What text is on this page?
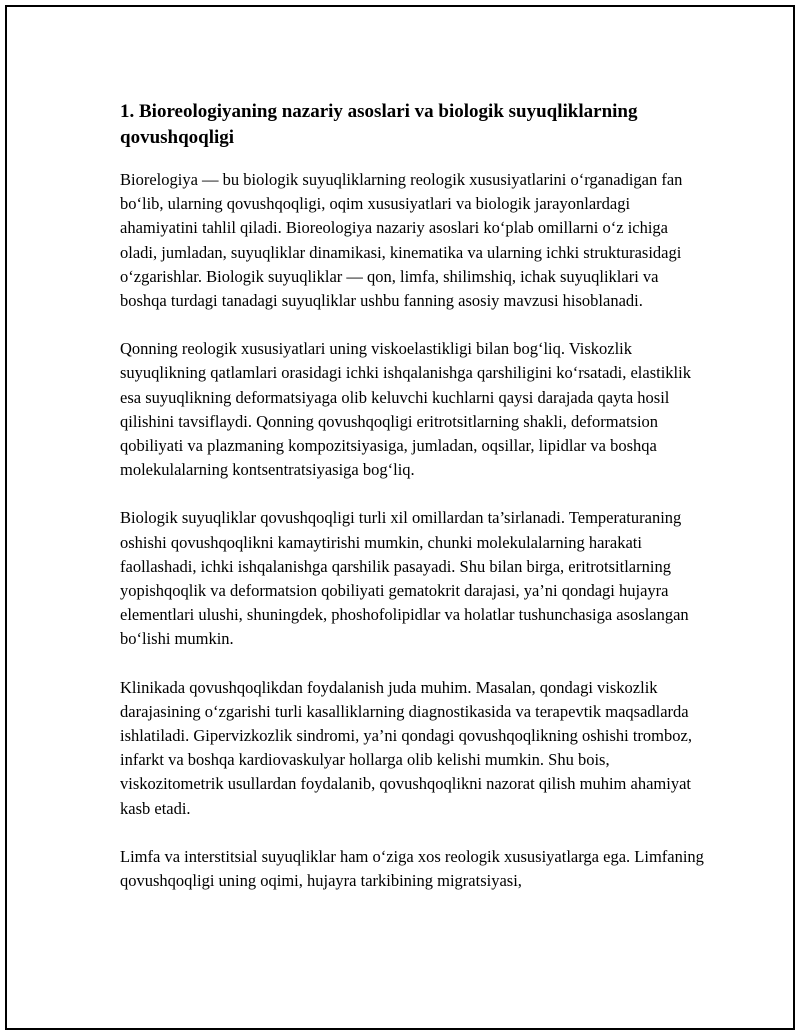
1. Bioreologiyaning nazariy asoslari va biologik suyuqliklarning qovushqoqligi

Biorelogiya — bu biologik suyuqliklarning reologik xususiyatlarini o‘rganadigan fan bo‘lib, ularning qovushqoqligi, oqim xususiyatlari va biologik jarayonlardagi ahamiyatini tahlil qiladi. Bioreologiya nazariy asoslari ko‘plab omillarni o‘z ichiga oladi, jumladan, suyuqliklar dinamikasi, kinematika va ularning ichki strukturasidagi o‘zgarishlar. Biologik suyuqliklar — qon, limfa, shilimshiq, ichak suyuqliklari va boshqa turdagi tanadagi suyuqliklar ushbu fanning asosiy mavzusi hisoblanadi.

Qonning reologik xususiyatlari uning viskoelastikligi bilan bog‘liq. Viskozlik suyuqlikning qatlamlari orasidagi ichki ishqalanishga qarshiligini ko‘rsatadi, elastiklik esa suyuqlikning deformatsiyaga olib keluvchi kuchlarni qaysi darajada qayta hosil qilishini tavsiflaydi. Qonning qovushqoqligi eritrotsitlarning shakli, deformatsion qobiliyati va plazmaning kompozitsiyasiga, jumladan, oqsillar, lipidlar va boshqa molekulalarning kontsentratsiyasiga bog‘liq.

Biologik suyuqliklar qovushqoqligi turli xil omillardan ta’sirlanadi. Temperaturaning oshishi qovushqoqlikni kamaytirishi mumkin, chunki molekulalarning harakati faollashadi, ichki ishqalanishga qarshilik pasayadi. Shu bilan birga, eritrotsitlarning yopishqoqlik va deformatsion qobiliyati gematokrit darajasi, ya’ni qondagi hujayra elementlari ulushi, shuningdek, phoshofolipidlar va holatlar tushunchasiga asoslangan bo‘lishi mumkin.

Klinikada qovushqoqlikdan foydalanish juda muhim. Masalan, qondagi viskozlik darajasining o‘zgarishi turli kasalliklarning diagnostikasida va terapevtik maqsadlarda ishlatiladi. Gipervizkozlik sindromi, ya’ni qondagi qovushqoqlikning oshishi tromboz, infarkt va boshqa kardiovaskulyar hollarga olib kelishi mumkin. Shu bois, viskozitometrik usullardan foydalanib, qovushqoqlikni nazorat qilish muhim ahamiyat kasb etadi.

Limfa va interstitsial suyuqliklar ham o‘ziga xos reologik xususiyatlarga ega. Limfaning qovushqoqligi uning oqimi, hujayra tarkibining migratsiyasi,
